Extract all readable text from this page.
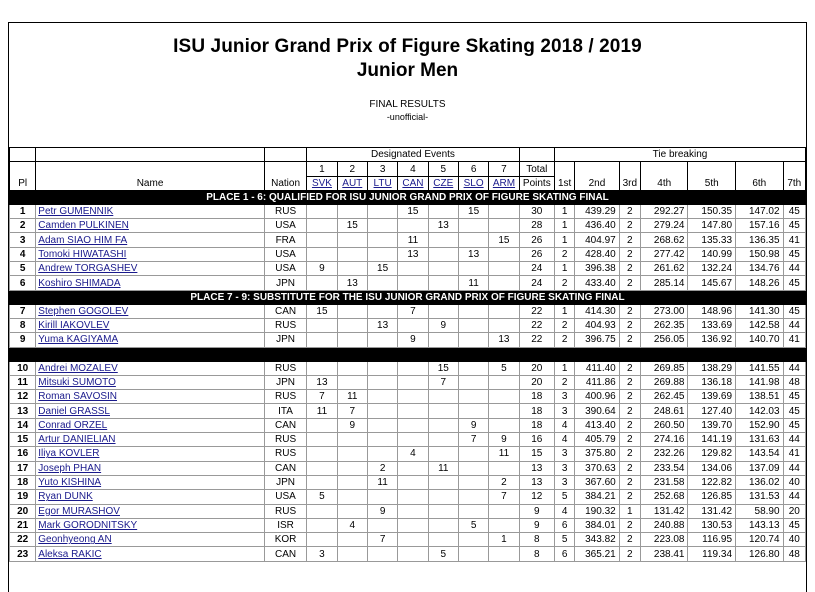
ISU Junior Grand Prix of Figure Skating 2018 / 2019
Junior Men
FINAL RESULTS
-unofficial-
			Designated Events								Tie breaking						
Pl	Name	Nation	1	2	3	4	5	6	7	Total	1st	2nd	3rd	4th	5th	6th	7th
			SVK	AUT	LTU	CAN	CZE	SLO	ARM	Points							
PLACE 1 - 6: QUALIFIED FOR ISU JUNIOR GRAND PRIX OF FIGURE SKATING FINAL																	
1	Petr GUMENNIK	RUS				15		15		30	1	439.29	2	292.27	150.35	147.02	45
2	Camden PULKINEN	USA		15			13			28	1	436.40	2	279.24	147.80	157.16	45
3	Adam SIAO HIM FA	FRA				11			15	26	1	404.97	2	268.62	135.33	136.35	41
4	Tomoki HIWATASHI	USA				13		13		26	2	428.40	2	277.42	140.99	150.98	45
5	Andrew TORGASHEV	USA	9		15					24	1	396.38	2	261.62	132.24	134.76	44
6	Koshiro SHIMADA	JPN		13				11		24	2	433.40	2	285.14	145.67	148.26	45
PLACE 7 - 9: SUBSTITUTE FOR THE ISU JUNIOR GRAND PRIX OF FIGURE SKATING FINAL																	
7	Stephen GOGOLEV	CAN	15			7				22	1	414.30	2	273.00	148.96	141.30	45
8	Kirill IAKOVLEV	RUS			13		9			22	2	404.93	2	262.35	133.69	142.58	44
9	Yuma KAGIYAMA	JPN				9			13	22	2	396.75	2	256.05	136.92	140.70	41

10	Andrei MOZALEV	RUS					15		5	20	1	411.40	2	269.85	138.29	141.55	44
11	Mitsuki SUMOTO	JPN	13				7			20	2	411.86	2	269.88	136.18	141.98	48
12	Roman SAVOSIN	RUS	7	11						18	3	400.96	2	262.45	139.69	138.51	45
13	Daniel GRASSL	ITA	11	7						18	3	390.64	2	248.61	127.40	142.03	45
14	Conrad ORZEL	CAN		9				9		18	4	413.40	2	260.50	139.70	152.90	45
15	Artur DANIELIAN	RUS						7	9	16	4	405.79	2	274.16	141.19	131.63	44
16	Iliya KOVLER	RUS				4			11	15	3	375.80	2	232.26	129.82	143.54	41
17	Joseph PHAN	CAN			2		11			13	3	370.63	2	233.54	134.06	137.09	44
18	Yuto KISHINA	JPN			11				2	13	3	367.60	2	231.58	122.82	136.02	40
19	Ryan DUNK	USA	5						7	12	5	384.21	2	252.68	126.85	131.53	44
20	Egor MURASHOV	RUS			9					9	4	190.32	1	131.42	131.42	58.90	20
21	Mark GORODNITSKY	ISR		4				5		9	6	384.01	2	240.88	130.53	143.13	45
22	Geonhyeong AN	KOR			7				1	8	5	343.82	2	223.08	116.95	120.74	40
23	Aleksa RAKIC	CAN	3				5			8	6	365.21	2	238.41	119.34	126.80	48
